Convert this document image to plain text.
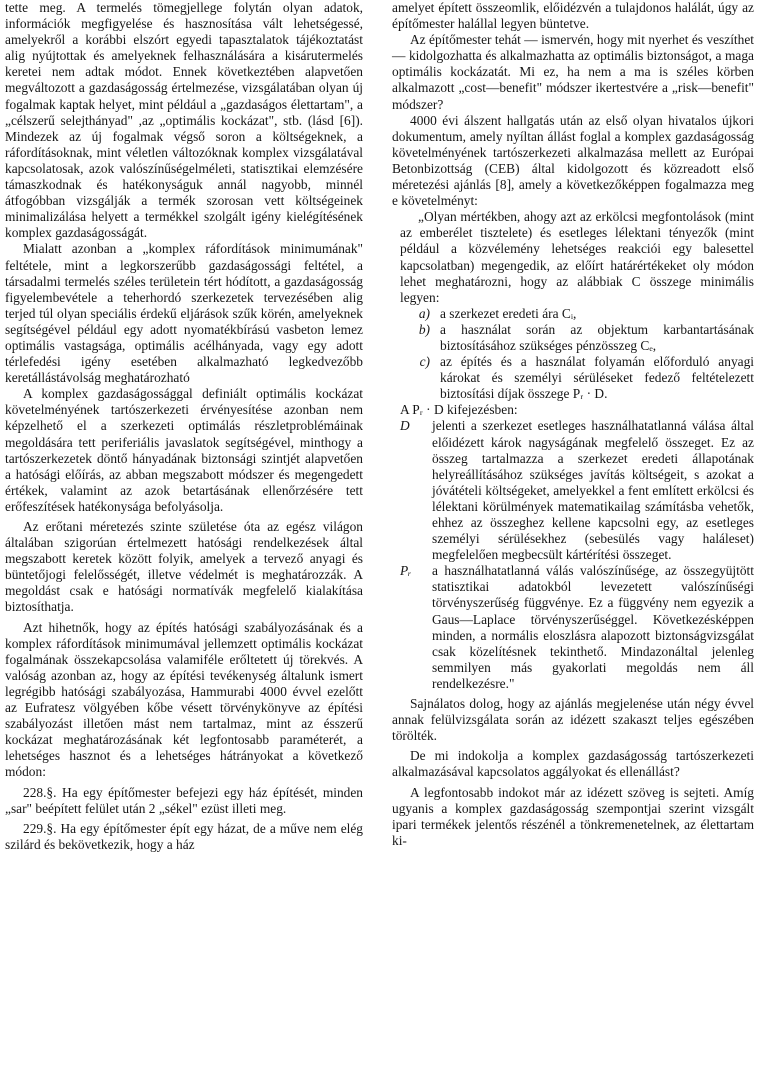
tette meg. A termelés tömegjellege folytán olyan adatok, információk megfigyelése és hasznosítása vált lehetségessé, amelyekről a korábbi elszórt egyedi tapasztalatok tájékoztatást alig nyújtottak és amelyeknek felhasználására a kisárutermelés keretei nem adtak módot. Ennek következtében alapvetően megváltozott a gazdaságosság értelmezése, vizsgálatában olyan új fogalmak kaptak helyet, mint például a „gazdaságos élettartam", a „célszerű selejthányad" ,az „optimális kockázat", stb. (lásd [6]). Mindezek az új fogalmak végső soron a költségeknek, a ráfordításoknak, mint véletlen változóknak komplex vizsgálatával kapcsolatosak, azok valószínűségelméleti, statisztikai elemzésére támaszkodnak és hatékonyságuk annál nagyobb, minnél átfogóbban vizsgálják a termék szorosan vett költségeinek minimalizálása helyett a termékkel szolgált igény kielégítésének komplex gazdaságosságát.

Mialatt azonban a „komplex ráfordítások minimumának" feltétele, mint a legkorszerűbb gazdaságossági feltétel, a társadalmi termelés széles területein tért hódított, a gazdaságosság figyelembevétele a teherhordó szerkezetek tervezésében alig terjed túl olyan speciális érdekű eljárások szűk körén, amelyeknek segítségével például egy adott nyomatékbírású vasbeton lemez optimális vastagsága, optimális acélhányada, vagy egy adott térlefedési igény esetében alkalmazható legkedvezőbb keretállástávolság meghatározható

A komplex gazdaságossággal definiált optimális kockázat követelményének tartószerkezeti érvényesítése azonban nem képzelhető el a szerkezeti optimálás részletproblémáinak megoldására tett periferiális javaslatok segítségével, minthogy a tartószerkezetek döntő hányadának biztonsági szintjét alapvetően a hatósági előírás, az abban megszabott módszer és megengedett értékek, valamint az azok betartásának ellenőrzésére tett erőfeszítések hatékonysága befolyásolja.

Az erőtani méretezés szinte születése óta az egész világon általában szigorúan értelmezett hatósági rendelkezések által megszabott keretek között folyik, amelyek a tervező anyagi és büntetőjogi felelősségét, illetve védelmét is meghatározzák. A megoldást csak e hatósági normatívák megfelelő kialakítása biztosíthatja.

Azt hihetnők, hogy az építés hatósági szabályozásának és a komplex ráfordítások minimumával jellemzett optimális kockázat fogalmának összekapcsolása valamiféle erőltetett új törekvés. A valóság azonban az, hogy az építési tevékenység általunk ismert legrégibb hatósági szabályozása, Hammurabi 4000 évvel ezelőtt az Eufratesz völgyében kőbe vésett törvénykönyve az építési szabályozást illetően mást nem tartalmaz, mint az ésszerű kockázat meghatározásának két legfontosabb paraméterét, a lehetséges hasznot és a lehetséges hátrányokat a következő módon:

228.§. Ha egy építőmester befejezi egy ház építését, minden „sar" beépített felület után 2 „sékel" ezüst illeti meg.

229.§. Ha egy építőmester épít egy házat, de a műve nem elég szilárd és bekövetkezik, hogy a ház

amelyet épített összeomlik, előidézvén a tulajdonos halálát, úgy az építőmester halállal legyen büntetve.

Az építőmester tehát — ismervén, hogy mit nyerhet és veszíthet — kidolgozhatta és alkalmazhatta az optimális biztonságot, a maga optimális kockázatát. Mi ez, ha nem a ma is széles körben alkalmazott „cost—benefit" módszer ikertestvére a „risk—benefit" módszer?

4000 évi álszent hallgatás után az első olyan hivatalos újkori dokumentum, amely nyíltan állást foglal a komplex gazdaságosság követelményének tartószerkezeti alkalmazása mellett az Európai Betonbizottság (CEB) által kidolgozott és közreadott első méretezési ajánlás [8], amely a következőképpen fogalmazza meg e követelményt:

„Olyan mértékben, ahogy azt az erkölcsi megfontolások (mint az emberélet tisztelete) és esetleges lélektani tényezők (mint például a közvélemény lehetséges reakciói egy balesettel kapcsolatban) megengedik, az előírt határértékeket oly módon lehet meghatározni, hogy az alábbiak C összege minimális legyen:

a) a szerkezet eredeti ára Cᵢ,
b) a használat során az objektum karbantartásának biztosításához szükséges pénzösszeg Cₑ,
c) az építés és a használat folyamán előforduló anyagi károkat és személyi sérüléseket fedező feltételezett biztosítási díjak összege Pᵣ · D.

A Pᵣ · D kifejezésben:

D	jelenti a szerkezet esetleges használhatatlanná válása által előidézett károk nagyságának megfelelő összeget. Ez az összeg tartalmazza a szerkezet eredeti állapotának helyreállításához szükséges javítás költségeit, s azokat a jóvátételi költségeket, amelyekkel a fent említett erkölcsi és lélektani körülmények matematikailag számításba vehetők, ehhez az összeghez kellene kapcsolni egy, az esetleges személyi sérülésekhez (sebesülés vagy haláleset) megfelelően megbecsült kártérítési összeget.
Pᵣ	a használhatatlanná válás valószínűsége, az összegyüjtött statisztikai adatokból levezetett valószínűségi törvényszerűség függvénye. Ez a függvény nem egyezik a Gaus—Laplace törvényszerűséggel. Következésképpen minden, a normális eloszlásra alapozott biztonságvizsgálat csak közelítésnek tekinthető. Mindazonáltal jelenleg semmilyen más gyakorlati megoldás nem áll rendelkezésre."

Sajnálatos dolog, hogy az ajánlás megjelenése után négy évvel annak felülvizsgálata során az idézett szakaszt teljes egészében törölték.

De mi indokolja a komplex gazdaságosság tartószerkezeti alkalmazásával kapcsolatos aggályokat és ellenállást?

A legfontosabb indokot már az idézett szöveg is sejteti. Amíg ugyanis a komplex gazdaságosság szempontjai szerint vizsgált ipari termékek jelentős részénél a tönkremenetelnek, az élettartam ki-
